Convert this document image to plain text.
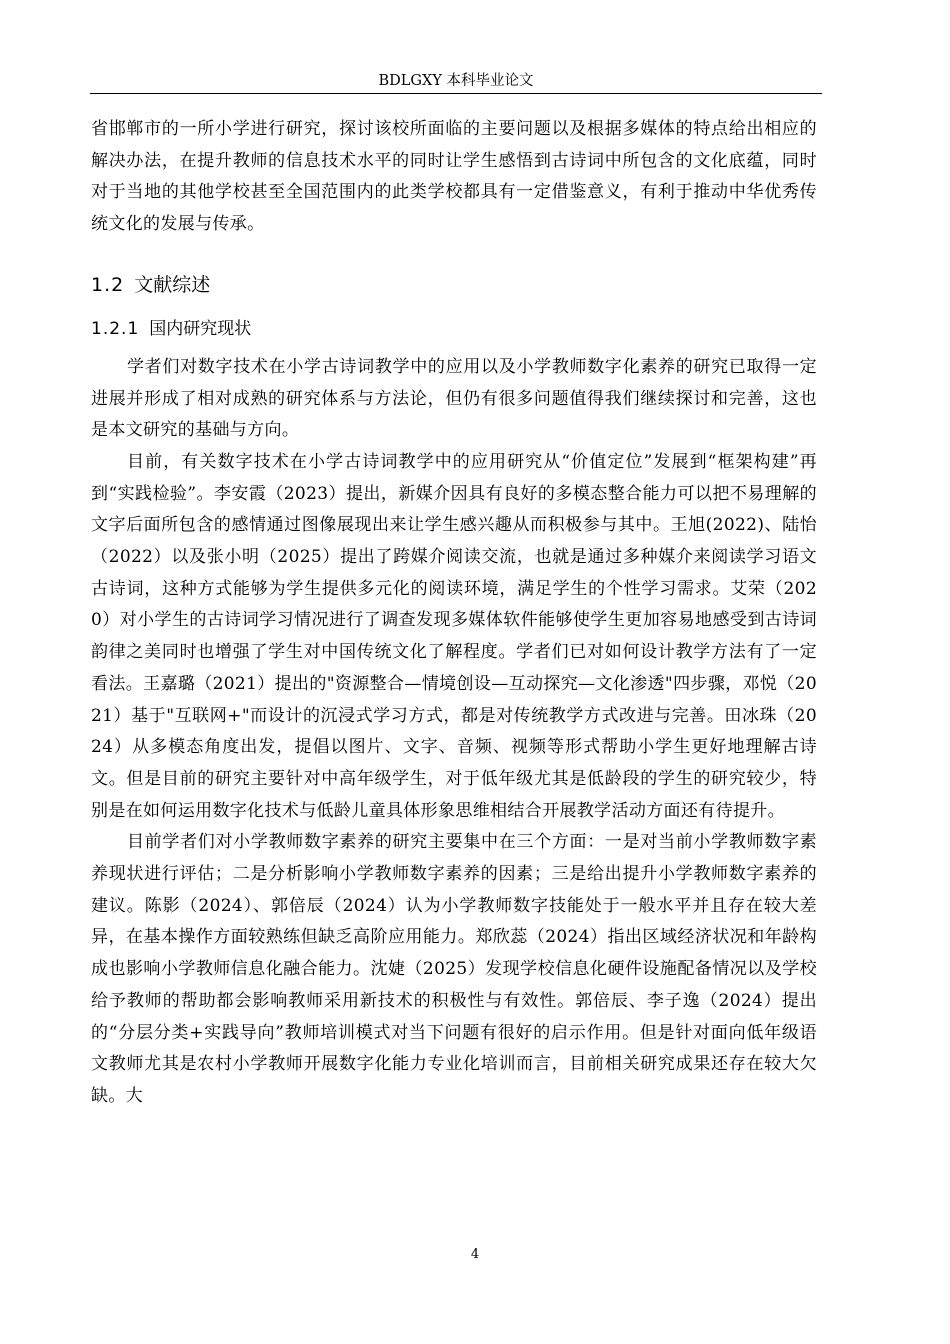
BDLGXY 本科毕业论文

省邯郸市的一所小学进行研究，探讨该校所面临的主要问题以及根据多媒体的特点给出相应的解决办法，在提升教师的信息技术水平的同时让学生感悟到古诗词中所包含的文化底蕴，同时对于当地的其他学校甚至全国范围内的此类学校都具有一定借鉴意义，有利于推动中华优秀传统文化的发展与传承。

1.2 文献综述
1.2.1 国内研究现状

学者们对数字技术在小学古诗词教学中的应用以及小学教师数字化素养的研究已取得一定进展并形成了相对成熟的研究体系与方法论，但仍有很多问题值得我们继续探讨和完善，这也是本文研究的基础与方向。

目前，有关数字技术在小学古诗词教学中的应用研究从“价值定位”发展到“框架构建”再到“实践检验”。李安霞（2023）提出，新媒介因具有良好的多模态整合能力可以把不易理解的文字后面所包含的感情通过图像展现出来让学生感兴趣从而积极参与其中。王旭(2022)、陆怡（2022）以及张小明（2025）提出了跨媒介阅读交流，也就是通过多种媒介来阅读学习语文古诗词，这种方式能够为学生提供多元化的阅读环境，满足学生的个性学习需求。艾荣（2020）对小学生的古诗词学习情况进行了调查发现多媒体软件能够使学生更加容易地感受到古诗词韵律之美同时也增强了学生对中国传统文化了解程度。学者们已对如何设计教学方法有了一定看法。王嘉璐（2021）提出的"资源整合—情境创设—互动探究—文化渗透"四步骤，邓悦（2021）基于"互联网+"而设计的沉浸式学习方式，都是对传统教学方式改进与完善。田冰珠（2024）从多模态角度出发，提倡以图片、文字、音频、视频等形式帮助小学生更好地理解古诗文。但是目前的研究主要针对中高年级学生，对于低年级尤其是低龄段的学生的研究较少，特别是在如何运用数字化技术与低龄儿童具体形象思维相结合开展教学活动方面还有待提升。

目前学者们对小学教师数字素养的研究主要集中在三个方面：一是对当前小学教师数字素养现状进行评估；二是分析影响小学教师数字素养的因素；三是给出提升小学教师数字素养的建议。陈影（2024）、郭倍辰（2024）认为小学教师数字技能处于一般水平并且存在较大差异，在基本操作方面较熟练但缺乏高阶应用能力。郑欣蕊（2024）指出区域经济状况和年龄构成也影响小学教师信息化融合能力。沈婕（2025）发现学校信息化硬件设施配备情况以及学校给予教师的帮助都会影响教师采用新技术的积极性与有效性。郭倍辰、李子逸（2024）提出的“分层分类+实践导向”教师培训模式对当下问题有很好的启示作用。但是针对面向低年级语文教师尤其是农村小学教师开展数字化能力专业化培训而言，目前相关研究成果还存在较大欠缺。大

4
